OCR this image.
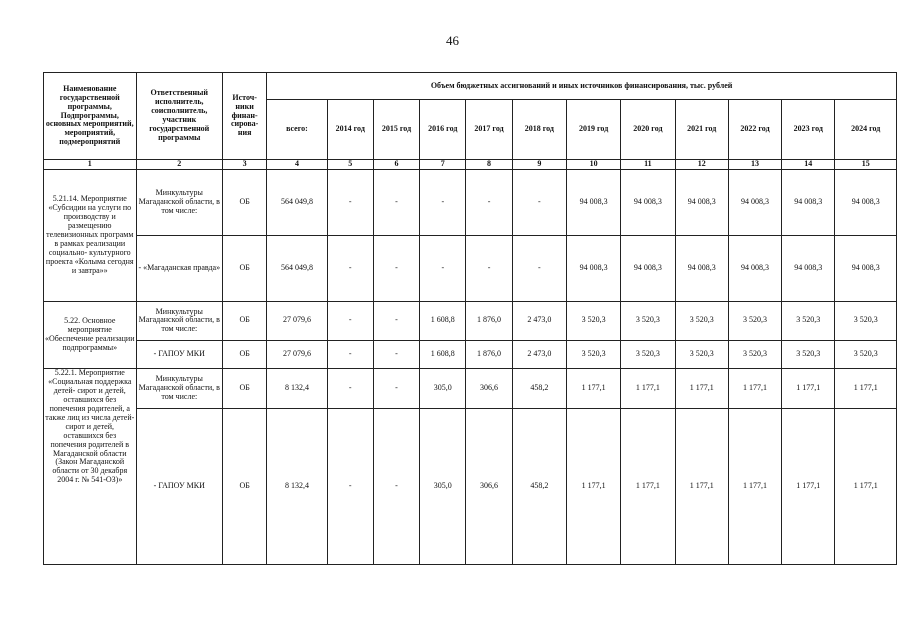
46
Наименование государственной программы, Подпрограммы, основных мероприятий, мероприятий, подмероприятий	Ответственный исполнитель, соисполнитель, участник государственной программы	Источ- ники финан- сирова- ния	Объем бюджетных ассигнований и иных источников финансирования, тыс. рублей											
			всего:	2014 год	2015 год	2016 год	2017 год	2018 год	2019 год	2020 год	2021 год	2022 год	2023 год	2024 год
1	2	3	4	5	6	7	8	9	10	11	12	13	14	15
5.21.14. Мероприятие «Субсидии на услуги по производству и размещению телевизионных программ в рамках реализации социально- культурного проекта «Колыма сегодня и завтра»»	Минкультуры Магаданской области, в том числе:	ОБ	564 049,8	-	-	-	-	-	94 008,3	94 008,3	94 008,3	94 008,3	94 008,3	94 008,3
	- «Магаданская правда»	ОБ	564 049,8	-	-	-	-	-	94 008,3	94 008,3	94 008,3	94 008,3	94 008,3	94 008,3
5.22. Основное мероприятие «Обеспечение реализации подпрограммы»	Минкультуры Магаданской области, в том числе:	ОБ	27 079,6	-	-	1 608,8	1 876,0	2 473,0	3 520,3	3 520,3	3 520,3	3 520,3	3 520,3	3 520,3
	- ГАПОУ МКИ	ОБ	27 079,6	-	-	1 608,8	1 876,0	2 473,0	3 520,3	3 520,3	3 520,3	3 520,3	3 520,3	3 520,3
5.22.1. Мероприятие «Социальная поддержка детей- сирот и детей, оставшихся без попечения родителей, а также лиц из числа детей-сирот и детей, оставшихся без попечения родителей в Магаданской области (Закон Магаданской области от 30 декабря 2004 г. № 541-ОЗ)»	Минкультуры Магаданской области, в том числе:	ОБ	8 132,4	-	-	305,0	306,6	458,2	1 177,1	1 177,1	1 177,1	1 177,1	1 177,1	1 177,1
	- ГАПОУ МКИ	ОБ	8 132,4	-	-	305,0	306,6	458,2	1 177,1	1 177,1	1 177,1	1 177,1	1 177,1	1 177,1
